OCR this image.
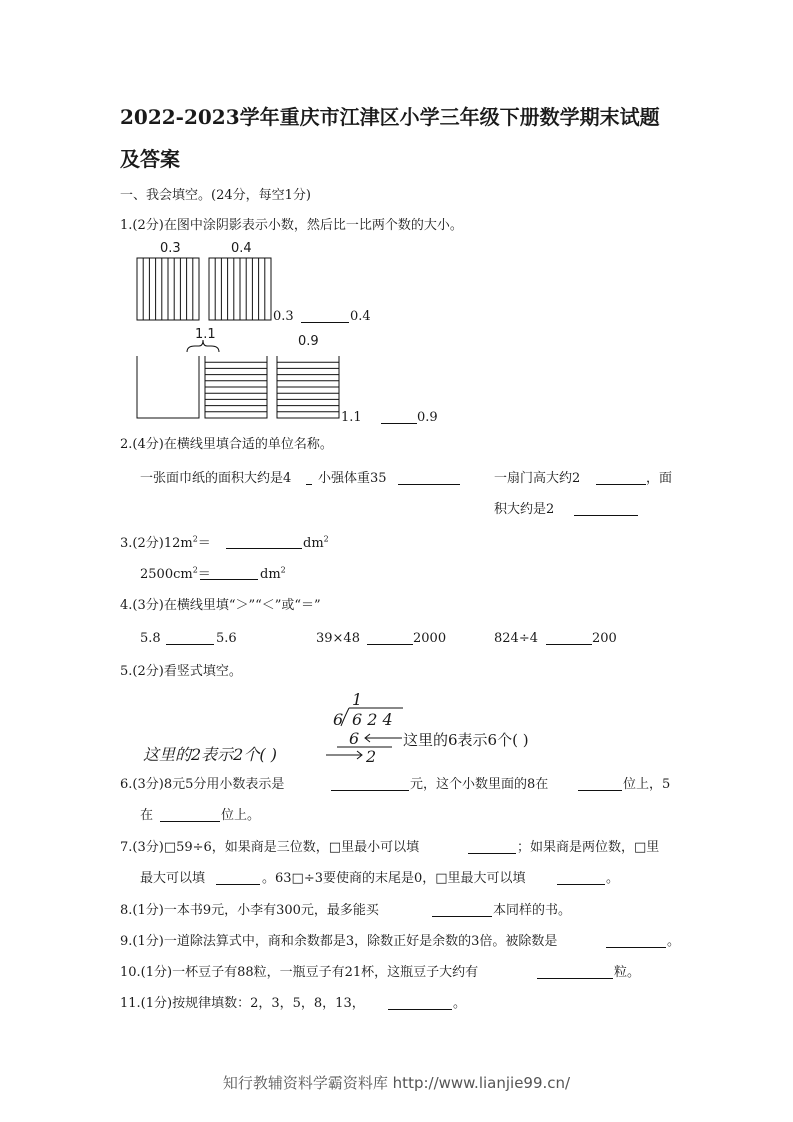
2022-2023学年重庆市江津区小学三年级下册数学期末试题
及答案
一、我会填空。(24分，每空1分)
1.(2分)在图中涂阴影表示小数，然后比一比两个数的大小。
0.3	0.4
0.3	0.4
1.1	0.9
1.1	0.9
2.(4分)在横线里填合适的单位名称。
一张面巾纸的面积大约是4 小强体重35	一扇门高大约2	，面
积大约是2
3.(2分)$12m^2=$	$dm^2$
$2500cm^2=$	$dm^2$
4.(3分)在横线里填“＞”“＜”或“＝”
5.8	5.6	39×48	2000	824÷4	200
5.(2分)看竖式填空。
1
6 6 2 4
6
2
这里的2表示2个( )
这里的6表示6个( )
6.(3分)8元5分用小数表示是	元，这个小数里面的8在	位上，5
在	位上。
7.(3分)□59÷6，如果商是三位数，□里最小可以填	；如果商是两位数，□里
最大可以填	。63□÷3要使商的末尾是0，□里最大可以填	。
8.(1分)一本书9元，小李有300元，最多能买	本同样的书。
9.(1分)一道除法算式中，商和余数都是3，除数正好是余数的3倍。被除数是	。
10.(1分)一杯豆子有88粒，一瓶豆子有21杯，这瓶豆子大约有	粒。
11.(1分)按规律填数：2，3，5，8，13，	。
知行教辅资料学霸资料库 http://www.lianjie99.cn/
